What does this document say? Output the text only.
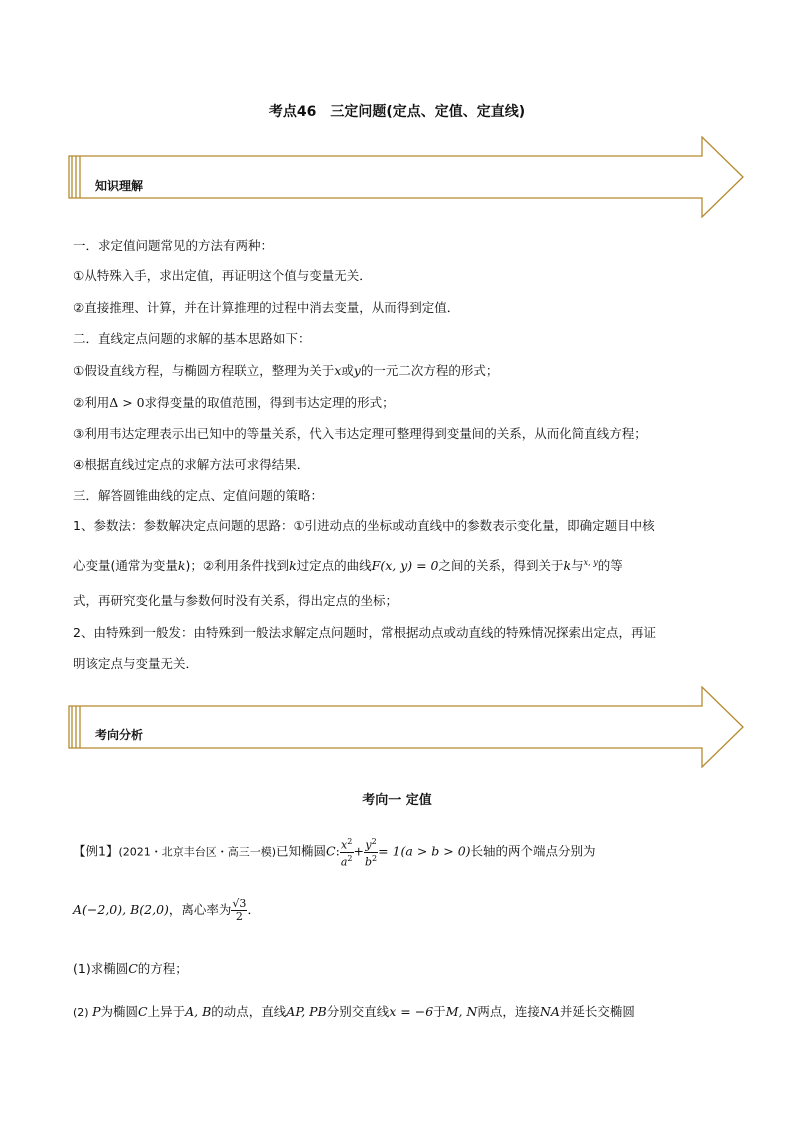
考点46　三定问题(定点、定值、定直线)
知识理解
一．求定值问题常见的方法有两种：
①从特殊入手，求出定值，再证明这个值与变量无关．
②直接推理、计算，并在计算推理的过程中消去变量，从而得到定值．
二．直线定点问题的求解的基本思路如下：
①假设直线方程，与椭圆方程联立，整理为关于x或y的一元二次方程的形式；
②利用Δ > 0求得变量的取值范围，得到韦达定理的形式；
③利用韦达定理表示出已知中的等量关系，代入韦达定理可整理得到变量间的关系，从而化简直线方程；
④根据直线过定点的求解方法可求得结果．
三．解答圆锥曲线的定点、定值问题的策略：
1、参数法：参数解决定点问题的思路：①引进动点的坐标或动直线中的参数表示变化量，即确定题目中核
心变量(通常为变量k)；②利用条件找到k过定点的曲线F(x, y) = 0之间的关系，得到关于k与$^{x, y}$的等
式，再研究变化量与参数何时没有关系，得出定点的坐标；
2、由特殊到一般发：由特殊到一般法求解定点问题时，常根据动点或动直线的特殊情况探索出定点，再证
明该定点与变量无关．
考向分析
考向一 定值
【例1】(2021・北京丰台区・高三一模)已知椭圆C: $\frac{x^2}{a^2} + \frac{y^2}{b^2} = 1(a > b > 0)$长轴的两个端点分别为
A(−2,0), B(2,0)，离心率为 $\frac{√3}{2}$ ．
(1)求椭圆C的方程；
(2) P为椭圆C上异于A, B的动点，直线AP, PB分别交直线x = −6于M, N两点，连接NA并延长交椭圆
